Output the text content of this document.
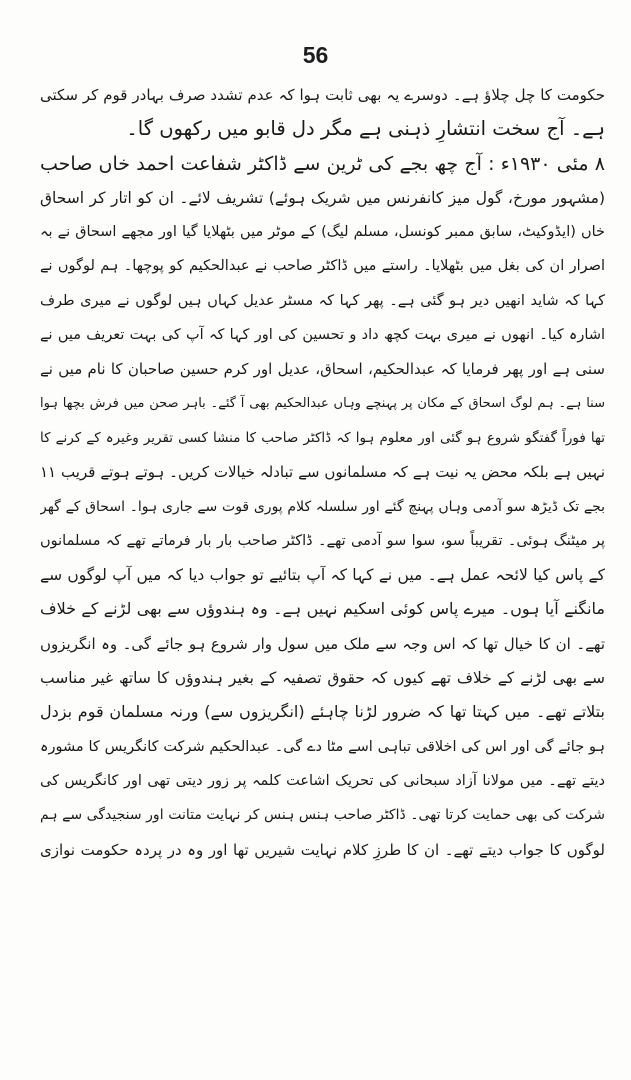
56
حکومت کا چل چلاؤ ہے۔ دوسرے یہ بھی ثابت ہوا کہ عدم تشدد صرف بہادر قوم کر سکتی
ہے۔ آج سخت انتشارِ ذہنی ہے مگر دل قابو میں رکھوں گا۔
۸ مئی ۱۹۳۰ء : آج چھ بجے کی ٹرین سے ڈاکٹر شفاعت احمد خاں صاحب
(مشہور مورخ، گول میز کانفرنس میں شریک ہوئے) تشریف لائے۔ ان کو اتار کر اسحاق
خاں (ایڈوکیٹ، سابق ممبر کونسل، مسلم لیگ) کے موٹر میں بٹھلایا گیا اور مجھے اسحاق نے بہ
اصرار ان کی بغل میں بٹھلایا۔ راستے میں ڈاکٹر صاحب نے عبدالحکیم کو پوچھا۔ ہم لوگوں نے
کہا کہ شاید انھیں دیر ہو گئی ہے۔ پھر کہا کہ مسٹر عدیل کہاں ہیں لوگوں نے میری طرف
اشارہ کیا۔ انھوں نے میری بہت کچھ داد و تحسین کی اور کہا کہ آپ کی بہت تعریف میں نے
سنی ہے اور پھر فرمایا کہ عبدالحکیم، اسحاق، عدیل اور کرم حسین صاحبان کا نام میں نے
سنا ہے۔ ہم لوگ اسحاق کے مکان پر پہنچے وہاں عبدالحکیم بھی آ گئے۔ باہر صحن میں فرش بچھا ہوا
تھا فوراً گفتگو شروع ہو گئی اور معلوم ہوا کہ ڈاکٹر صاحب کا منشا کسی تقریر وغیرہ کے کرنے کا
نہیں ہے بلکہ محض یہ نیت ہے کہ مسلمانوں سے تبادلہ خیالات کریں۔ ہوتے ہوتے قریب ۱۱
بجے تک ڈیڑھ سو آدمی وہاں پہنچ گئے اور سلسلہ کلام پوری قوت سے جاری ہوا۔ اسحاق کے گھر
پر میٹنگ ہوئی۔ تقریباً سو، سوا سو آدمی تھے۔ ڈاکٹر صاحب بار بار فرماتے تھے کہ مسلمانوں
کے پاس کیا لائحہ عمل ہے۔ میں نے کہا کہ آپ بتائیے تو جواب دیا کہ میں آپ لوگوں سے
مانگنے آیا ہوں۔ میرے پاس کوئی اسکیم نہیں ہے۔ وہ ہندوؤں سے بھی لڑنے کے خلاف
تھے۔ ان کا خیال تھا کہ اس وجہ سے ملک میں سول وار شروع ہو جائے گی۔ وہ انگریزوں
سے بھی لڑنے کے خلاف تھے کیوں کہ حقوق تصفیہ کے بغیر ہندوؤں کا ساتھ غیر مناسب
بتلاتے تھے۔ میں کہتا تھا کہ ضرور لڑنا چاہئے (انگریزوں سے) ورنہ مسلمان قوم بزدل
ہو جائے گی اور اس کی اخلاقی تباہی اسے مٹا دے گی۔ عبدالحکیم شرکت کانگریس کا مشورہ
دیتے تھے۔ میں مولانا آزاد سبحانی کی تحریک اشاعت کلمہ پر زور دیتی تھی اور کانگریس کی
شرکت کی بھی حمایت کرتا تھی۔ ڈاکٹر صاحب ہنس ہنس کر نہایت متانت اور سنجیدگی سے ہم
لوگوں کا جواب دیتے تھے۔ ان کا طرزِ کلام نہایت شیریں تھا اور وہ در پردہ حکومت نوازی
